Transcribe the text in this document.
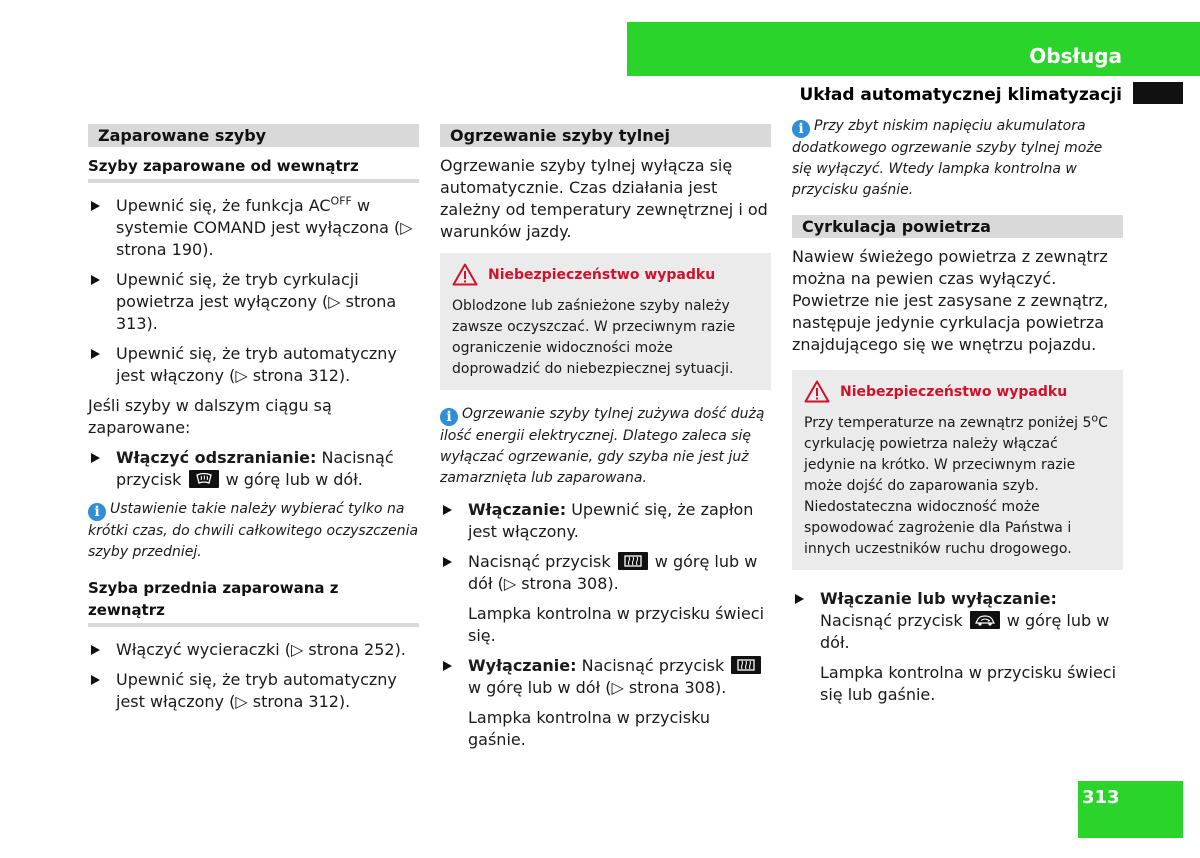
Obsługa
Układ automatycznej klimatyzacji
Zaparowane szyby
Szyby zaparowane od wewnątrz
Upewnić się, że funkcja $AC^{OFF}$ w systemie COMAND jest wyłączona (▷ strona 190).
Upewnić się, że tryb cyrkulacji powietrza jest wyłączony (▷ strona 313).
Upewnić się, że tryb automatyczny jest włączony (▷ strona 312).

Jeśli szyby w dalszym ciągu są zaparowane:

Włączyć odszranianie: Nacisnąć przycisk
w górę lub w dół.
i Ustawienie takie należy wybierać tylko na krótki czas, do chwili całkowitego oczyszczenia szyby przedniej.
Szyba przednia zaparowana z zewnątrz
Włączyć wycieraczki (▷ strona 252).
Upewnić się, że tryb automatyczny jest włączony (▷ strona 312).
Ogrzewanie szyby tylnej

Ogrzewanie szyby tylnej wyłącza się automatycznie. Czas działania jest zależny od temperatury zewnętrznej i od warunków jazdy.

Niebezpieczeństwo wypadku
Oblodzone lub zaśnieżone szyby należy zawsze oczyszczać. W przeciwnym razie ograniczenie widoczności może doprowadzić do niebezpiecznej sytuacji.
i Ogrzewanie szyby tylnej zużywa dość dużą ilość energii elektrycznej. Dlatego zaleca się wyłączać ogrzewanie, gdy szyba nie jest już zamarznięta lub zaparowana.
Włączanie: Upewnić się, że zapłon jest włączony.
Nacisnąć przycisk
w górę lub w dół (▷ strona 308).
Lampka kontrolna w przycisku świeci się.
Wyłączanie: Nacisnąć przycisk
w górę lub w dół (▷ strona 308).
Lampka kontrolna w przycisku gaśnie.
i Przy zbyt niskim napięciu akumulatora dodatkowego ogrzewanie szyby tylnej może się wyłączyć. Wtedy lampka kontrolna w przycisku gaśnie.
Cyrkulacja powietrza

Nawiew świeżego powietrza z zewnątrz można na pewien czas wyłączyć. Powietrze nie jest zasysane z zewnątrz, następuje jedynie cyrkulacja powietrza znajdującego się we wnętrzu pojazdu.

Niebezpieczeństwo wypadku
Przy temperaturze na zewnątrz poniżej 5$^o$C cyrkulację powietrza należy włączać jedynie na krótko. W przeciwnym razie może dojść do zaparowania szyb. Niedostateczna widoczność może spowodować zagrożenie dla Państwa i innych uczestników ruchu drogowego.
Włączanie lub wyłączanie: Nacisnąć przycisk
w górę lub w dół.
Lampka kontrolna w przycisku świeci się lub gaśnie.
313
